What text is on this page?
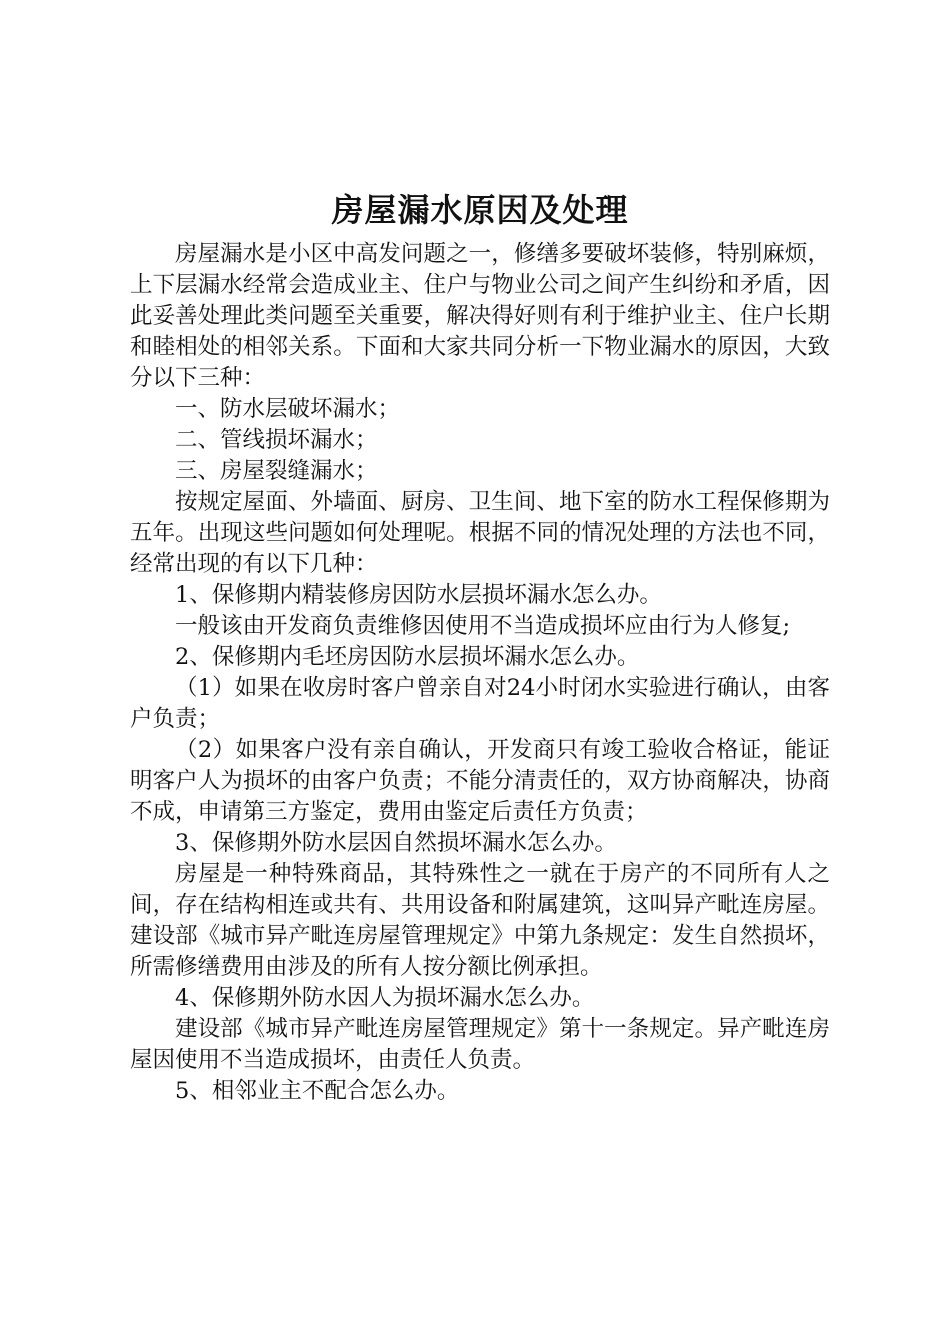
房屋漏水原因及处理

房屋漏水是小区中高发问题之一，修缮多要破坏装修，特别麻烦，上下层漏水经常会造成业主、住户与物业公司之间产生纠纷和矛盾，因此妥善处理此类问题至关重要，解决得好则有利于维护业主、住户长期和睦相处的相邻关系。下面和大家共同分析一下物业漏水的原因，大致分以下三种：

一、防水层破坏漏水；

二、管线损坏漏水；

三、房屋裂缝漏水；

按规定屋面、外墙面、厨房、卫生间、地下室的防水工程保修期为五年。出现这些问题如何处理呢。根据不同的情况处理的方法也不同，经常出现的有以下几种：

1、保修期内精装修房因防水层损坏漏水怎么办。

一般该由开发商负责维修因使用不当造成损坏应由行为人修复;

2、保修期内毛坯房因防水层损坏漏水怎么办。

（1）如果在收房时客户曾亲自对24小时闭水实验进行确认，由客户负责；

（2）如果客户没有亲自确认，开发商只有竣工验收合格证，能证明客户人为损坏的由客户负责；不能分清责任的，双方协商解决，协商不成，申请第三方鉴定，费用由鉴定后责任方负责；

3、保修期外防水层因自然损坏漏水怎么办。

房屋是一种特殊商品，其特殊性之一就在于房产的不同所有人之间，存在结构相连或共有、共用设备和附属建筑，这叫异产毗连房屋。建设部《城市异产毗连房屋管理规定》中第九条规定：发生自然损坏，所需修缮费用由涉及的所有人按分额比例承担。

4、保修期外防水因人为损坏漏水怎么办。

建设部《城市异产毗连房屋管理规定》第十一条规定。异产毗连房屋因使用不当造成损坏，由责任人负责。

5、相邻业主不配合怎么办。
